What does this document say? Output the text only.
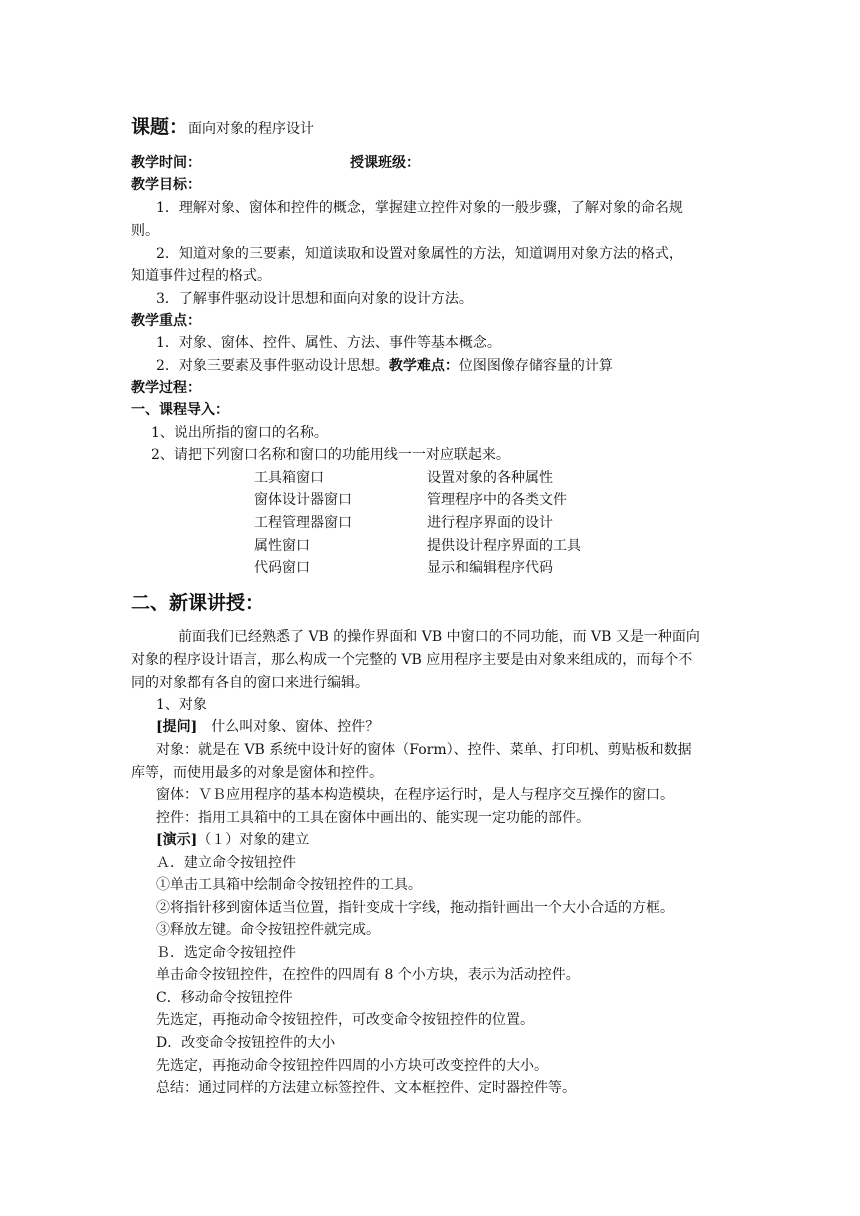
课题：面向对象的程序设计
教学时间：	授课班级：
教学目标：
1．理解对象、窗体和控件的概念，掌握建立控件对象的一般步骤，了解对象的命名规
则。
2．知道对象的三要素，知道读取和设置对象属性的方法，知道调用对象方法的格式，
知道事件过程的格式。
3．了解事件驱动设计思想和面向对象的设计方法。
教学重点：
1．对象、窗体、控件、属性、方法、事件等基本概念。
2．对象三要素及事件驱动设计思想。教学难点：位图图像存储容量的计算
教学过程：
一、课程导入：
1、说出所指的窗口的名称。
2、请把下列窗口名称和窗口的功能用线一一对应联起来。
工具箱窗口	设置对象的各种属性
窗体设计器窗口	管理程序中的各类文件
工程管理器窗口	进行程序界面的设计
属性窗口	提供设计程序界面的工具
代码窗口	显示和编辑程序代码
二、新课讲授：
前面我们已经熟悉了 VB 的操作界面和 VB 中窗口的不同功能，而 VB 又是一种面向
对象的程序设计语言，那么构成一个完整的 VB 应用程序主要是由对象来组成的，而每个不
同的对象都有各自的窗口来进行编辑。
1、对象
[提问] 什么叫对象、窗体、控件？
对象：就是在 VB 系统中设计好的窗体（Form）、控件、菜单、打印机、剪贴板和数据
库等，而使用最多的对象是窗体和控件。
窗体：ＶＢ应用程序的基本构造模块，在程序运行时，是人与程序交互操作的窗口。
控件：指用工具箱中的工具在窗体中画出的、能实现一定功能的部件。
[演示]（１）对象的建立
Ａ．建立命令按钮控件
①单击工具箱中绘制命令按钮控件的工具。
②将指针移到窗体适当位置，指针变成十字线，拖动指针画出一个大小合适的方框。
③释放左键。命令按钮控件就完成。
Ｂ．选定命令按钮控件
单击命令按钮控件，在控件的四周有 8 个小方块，表示为活动控件。
C．移动命令按钮控件
先选定，再拖动命令按钮控件，可改变命令按钮控件的位置。
D．改变命令按钮控件的大小
先选定，再拖动命令按钮控件四周的小方块可改变控件的大小。
总结：通过同样的方法建立标签控件、文本框控件、定时器控件等。
